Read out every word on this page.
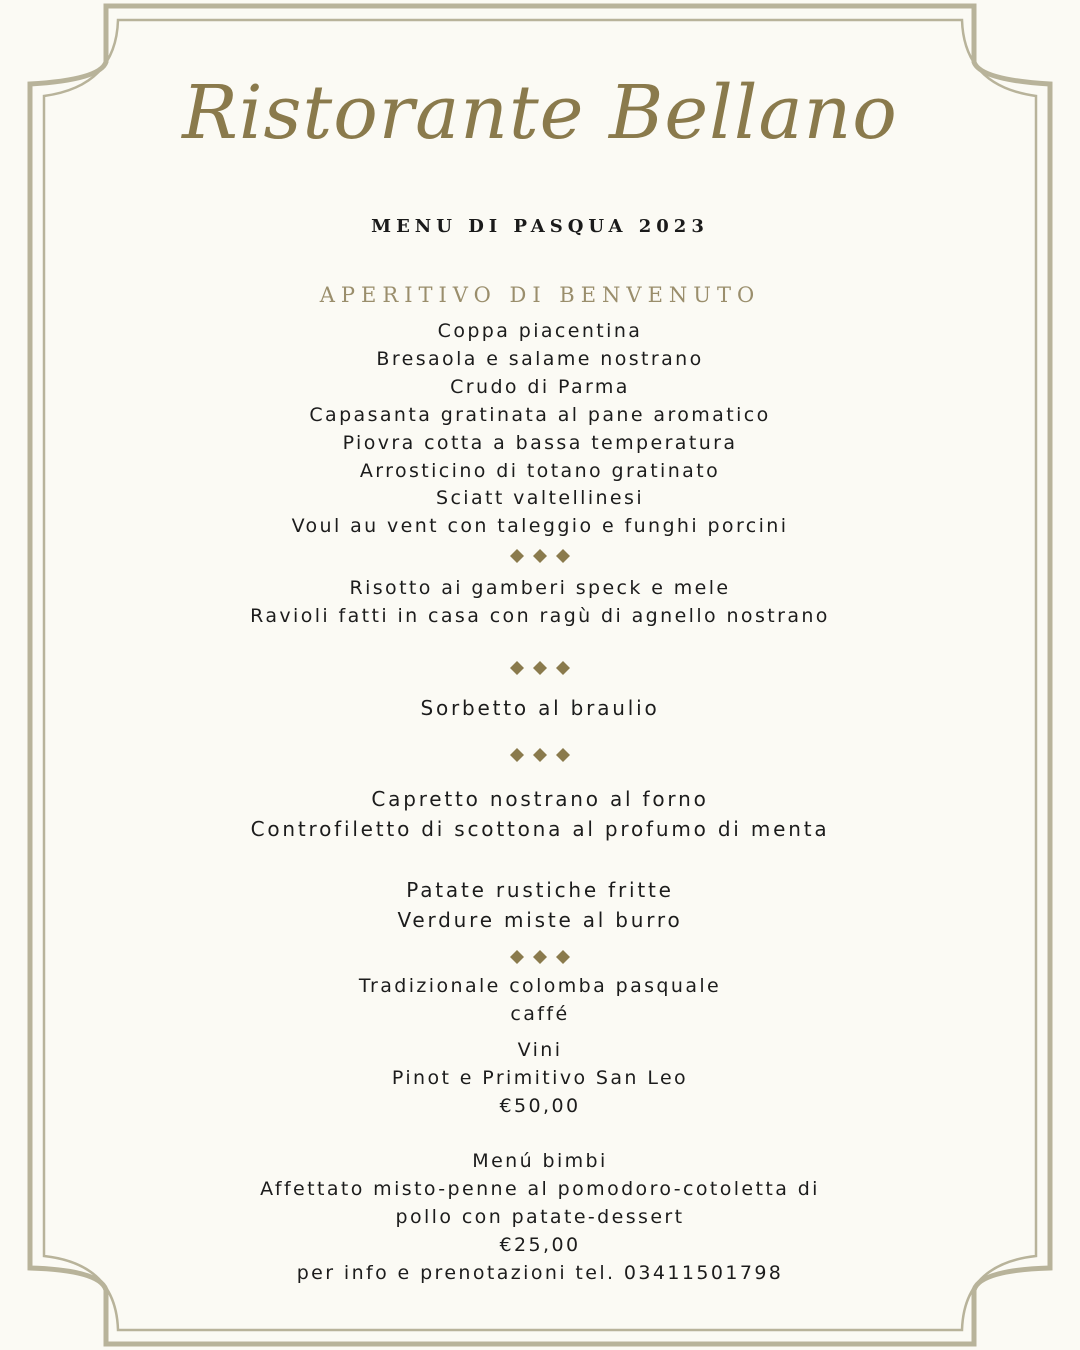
Ristorante Bellano
MENU DI PASQUA 2023
APERITIVO DI BENVENUTO
Coppa piacentina
Bresaola e salame nostrano
Crudo di Parma
Capasanta gratinata al pane aromatico
Piovra cotta a bassa temperatura
Arrosticino di totano gratinato
Sciatt valtellinesi
Voul au vent con taleggio e funghi porcini
Risotto ai gamberi speck e mele
Ravioli fatti in casa con ragù di agnello nostrano
Sorbetto al braulio
Capretto nostrano al forno
Controfiletto di scottona al profumo di menta
Patate rustiche fritte
Verdure miste al burro
Tradizionale colomba pasquale
caffé
Vini
Pinot e Primitivo San Leo
€50,00
Menú bimbi
Affettato misto-penne al pomodoro-cotoletta di
pollo con patate-dessert
€25,00
per info e prenotazioni tel. 03411501798
